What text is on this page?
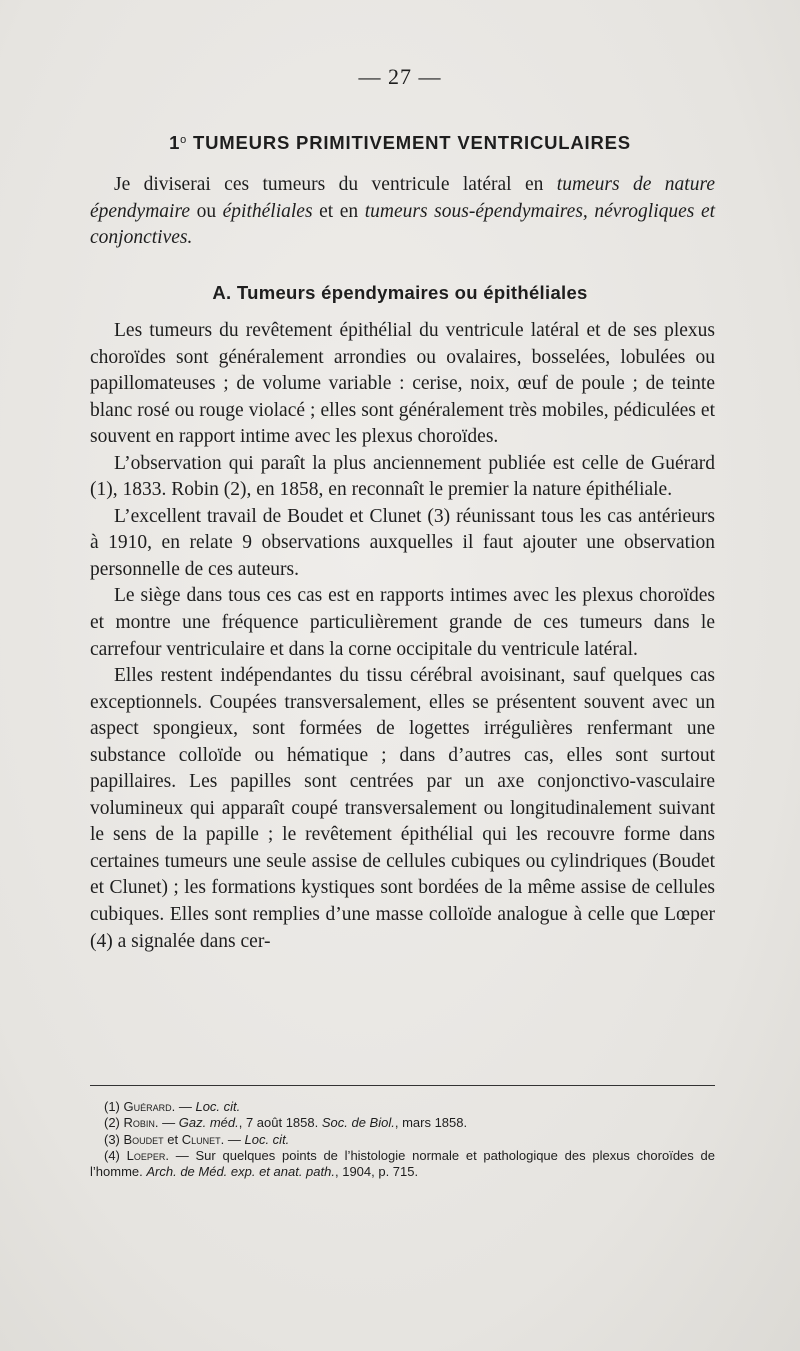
— 27 —
1$^o$ TUMEURS PRIMITIVEMENT VENTRICULAIRES

Je diviserai ces tumeurs du ventricule latéral en tumeurs de nature épendymaire ou épithéliales et en tumeurs sous-épendymaires, névrogliques et conjonctives.

A. Tumeurs épendymaires ou épithéliales

Les tumeurs du revêtement épithélial du ventricule latéral et de ses plexus choroïdes sont généralement arrondies ou ovalaires, bosselées, lobulées ou papillomateuses ; de volume variable : cerise, noix, œuf de poule ; de teinte blanc rosé ou rouge violacé ; elles sont généralement très mobiles, pédiculées et souvent en rapport intime avec les plexus choroïdes.

L’observation qui paraît la plus anciennement publiée est celle de Guérard (1), 1833. Robin (2), en 1858, en reconnaît le premier la nature épithéliale.

L’excellent travail de Boudet et Clunet (3) réunissant tous les cas antérieurs à 1910, en relate 9 observations auxquelles il faut ajouter une observation personnelle de ces auteurs.

Le siège dans tous ces cas est en rapports intimes avec les plexus choroïdes et montre une fréquence particulièrement grande de ces tumeurs dans le carrefour ventriculaire et dans la corne occipitale du ventricule latéral.

Elles restent indépendantes du tissu cérébral avoisinant, sauf quelques cas exceptionnels. Coupées transversalement, elles se présentent souvent avec un aspect spongieux, sont formées de logettes irrégulières renfermant une substance colloïde ou hématique ; dans d’autres cas, elles sont surtout papillaires. Les papilles sont centrées par un axe conjonctivo-vasculaire volumineux qui apparaît coupé transversalement ou longitudinalement suivant le sens de la papille ; le revêtement épithélial qui les recouvre forme dans certaines tumeurs une seule assise de cellules cubiques ou cylindriques (Boudet et Clunet) ; les formations kystiques sont bordées de la même assise de cellules cubiques. Elles sont remplies d’une masse colloïde analogue à celle que Lœper (4) a signalée dans cer-

(1) Guérard. — Loc. cit.

(2) Robin. — Gaz. méd., 7 août 1858. Soc. de Biol., mars 1858.

(3) Boudet et Clunet. — Loc. cit.

(4) Loeper. — Sur quelques points de l’histologie normale et pathologique des plexus choroïdes de l’homme. Arch. de Méd. exp. et anat. path., 1904, p. 715.
